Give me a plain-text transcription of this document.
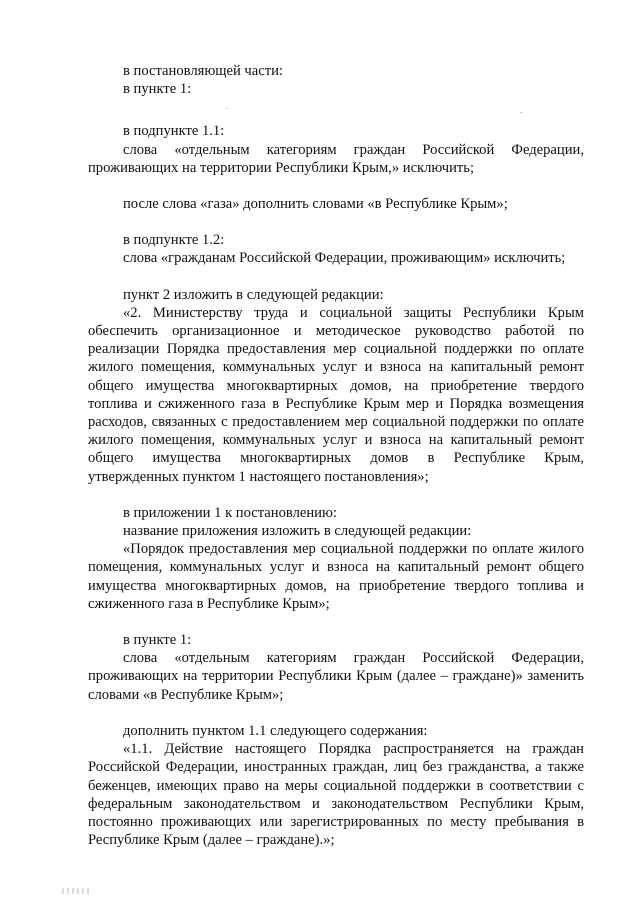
в постановляющей части:

в пункте 1:

в подпункте 1.1:

слова «отдельным категориям граждан Российской Федерации, проживающих на территории Республики Крым,» исключить;

после слова «газа» дополнить словами «в Республике Крым»;

в подпункте 1.2:

слова «гражданам Российской Федерации, проживающим» исключить;

пункт 2 изложить в следующей редакции:

«2. Министерству труда и социальной защиты Республики Крым обеспечить организационное и методическое руководство работой по реализации Порядка предоставления мер социальной поддержки по оплате жилого помещения, коммунальных услуг и взноса на капитальный ремонт общего имущества многоквартирных домов, на приобретение твердого топлива и сжиженного газа в Республике Крым мер и Порядка возмещения расходов, связанных с предоставлением мер социальной поддержки по оплате жилого помещения, коммунальных услуг и взноса на капитальный ремонт общего имущества многоквартирных домов в Республике Крым, утвержденных пунктом 1 настоящего постановления»;

в приложении 1 к постановлению:

название приложения изложить в следующей редакции:

«Порядок предоставления мер социальной поддержки по оплате жилого помещения, коммунальных услуг и взноса на капитальный ремонт общего имущества многоквартирных домов, на приобретение твердого топлива и сжиженного газа в Республике Крым»;

в пункте 1:

слова «отдельным категориям граждан Российской Федерации, проживающих на территории Республики Крым (далее – граждане)» заменить словами «в Республике Крым»;

дополнить пунктом 1.1 следующего содержания:

«1.1. Действие настоящего Порядка распространяется на граждан Российской Федерации, иностранных граждан, лиц без гражданства, а также беженцев, имеющих право на меры социальной поддержки в соответствии с федеральным законодательством и законодательством Республики Крым, постоянно проживающих или зарегистрированных по месту пребывания в Республике Крым (далее – граждане).»;
